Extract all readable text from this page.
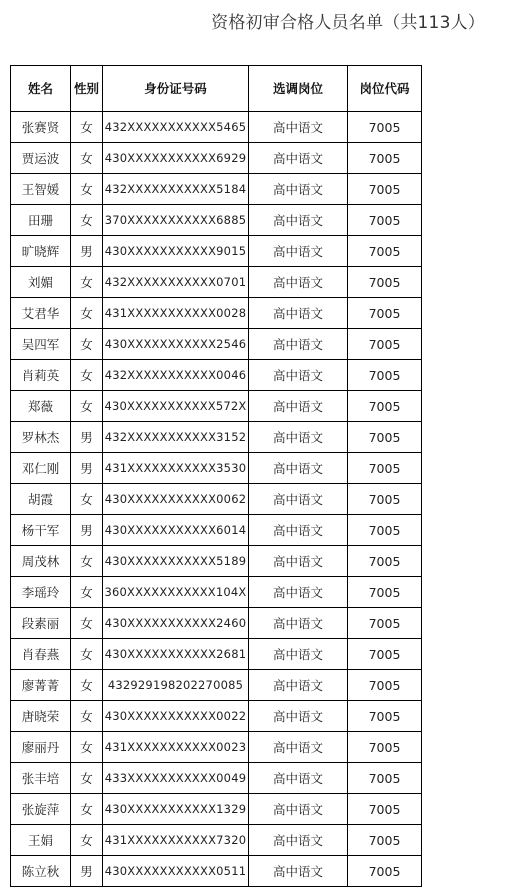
资格初审合格人员名单（共113人）
姓名	性别	身份证号码	选调岗位	岗位代码
张赛贤	女	432XXXXXXXXXXX5465	高中语文	7005
贾运波	女	430XXXXXXXXXXX6929	高中语文	7005
王智媛	女	432XXXXXXXXXXX5184	高中语文	7005
田珊	女	370XXXXXXXXXXX6885	高中语文	7005
旷晓辉	男	430XXXXXXXXXXX9015	高中语文	7005
刘媚	女	432XXXXXXXXXXX0701	高中语文	7005
艾君华	女	431XXXXXXXXXXX0028	高中语文	7005
吴四军	女	430XXXXXXXXXXX2546	高中语文	7005
肖莉英	女	432XXXXXXXXXXX0046	高中语文	7005
郑薇	女	430XXXXXXXXXXX572X	高中语文	7005
罗林杰	男	432XXXXXXXXXXX3152	高中语文	7005
邓仁刚	男	431XXXXXXXXXXX3530	高中语文	7005
胡霞	女	430XXXXXXXXXXX0062	高中语文	7005
杨干军	男	430XXXXXXXXXXX6014	高中语文	7005
周茂林	女	430XXXXXXXXXXX5189	高中语文	7005
李瑶玲	女	360XXXXXXXXXXX104X	高中语文	7005
段素丽	女	430XXXXXXXXXXX2460	高中语文	7005
肖春燕	女	430XXXXXXXXXXX2681	高中语文	7005
廖菁菁	女	432929198202270085	高中语文	7005
唐晓荣	女	430XXXXXXXXXXX0022	高中语文	7005
廖丽丹	女	431XXXXXXXXXXX0023	高中语文	7005
张丰培	女	433XXXXXXXXXXX0049	高中语文	7005
张旋萍	女	430XXXXXXXXXXX1329	高中语文	7005
王娟	女	431XXXXXXXXXXX7320	高中语文	7005
陈立秋	男	430XXXXXXXXXXX0511	高中语文	7005
